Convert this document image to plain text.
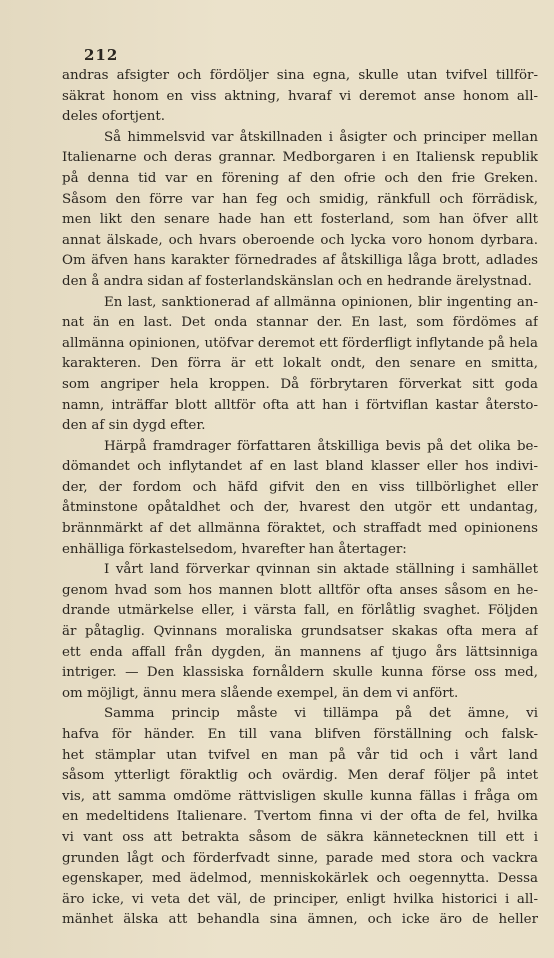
212
andras afsigter och fördöljer sina egna, skulle utan tvifvel tillför-
säkrat honom en viss aktning, hvaraf vi deremot anse honom all-
deles ofortjent.
Så himmelsvid var åtskillnaden i åsigter och principer mellan
Italienarne och deras grannar. Medborgaren i en Italiensk republik
på denna tid var en förening af den ofrie och den frie Greken.
Såsom den förre var han feg och smidig, ränkfull och förrädisk,
men likt den senare hade han ett fosterland, som han öfver allt
annat älskade, och hvars oberoende och lycka voro honom dyrbara.
Om äfven hans karakter förnedrades af åtskilliga låga brott, adlades
den å andra sidan af fosterlandskänslan och en hedrande ärelystnad.
En last, sanktionerad af allmänna opinionen, blir ingenting an-
nat än en last. Det onda stannar der. En last, som fördömes af
allmänna opinionen, utöfvar deremot ett förderfligt inflytande på hela
karakteren. Den förra är ett lokalt ondt, den senare en smitta,
som angriper hela kroppen. Då förbrytaren förverkat sitt goda
namn, inträffar blott alltför ofta att han i förtviflan kastar återsto-
den af sin dygd efter.
Härpå framdrager författaren åtskilliga bevis på det olika be-
dömandet och inflytandet af en last bland klasser eller hos indivi-
der, der fordom och häfd gifvit den en viss tillbörlighet eller
åtminstone opåtaldhet och der, hvarest den utgör ett undantag,
brännmärkt af det allmänna föraktet, och straffadt med opinionens
enhälliga förkastelsedom, hvarefter han återtager:
I vårt land förverkar qvinnan sin aktade ställning i samhället
genom hvad som hos mannen blott alltför ofta anses såsom en he-
drande utmärkelse eller, i värsta fall, en förlåtlig svaghet. Följden
är påtaglig. Qvinnans moraliska grundsatser skakas ofta mera af
ett enda affall från dygden, än mannens af tjugo års lättsinniga
intriger. — Den klassiska fornåldern skulle kunna förse oss med,
om möjligt, ännu mera slående exempel, än dem vi anfört.
Samma princip måste vi tillämpa på det ämne, vi
hafva för händer. En till vana blifven förställning och falsk-
het stämplar utan tvifvel en man på vår tid och i vårt land
såsom ytterligt föraktlig och ovärdig. Men deraf följer på intet
vis, att samma omdöme rättvisligen skulle kunna fällas i fråga om
en medeltidens Italienare. Tvertom finna vi der ofta de fel, hvilka
vi vant oss att betrakta såsom de säkra kännetecknen till ett i
grunden lågt och förderfvadt sinne, parade med stora och vackra
egenskaper, med ädelmod, menniskokärlek och oegennytta. Dessa
äro icke, vi veta det väl, de principer, enligt hvilka historici i all-
mänhet älska att behandla sina ämnen, och icke äro de heller
